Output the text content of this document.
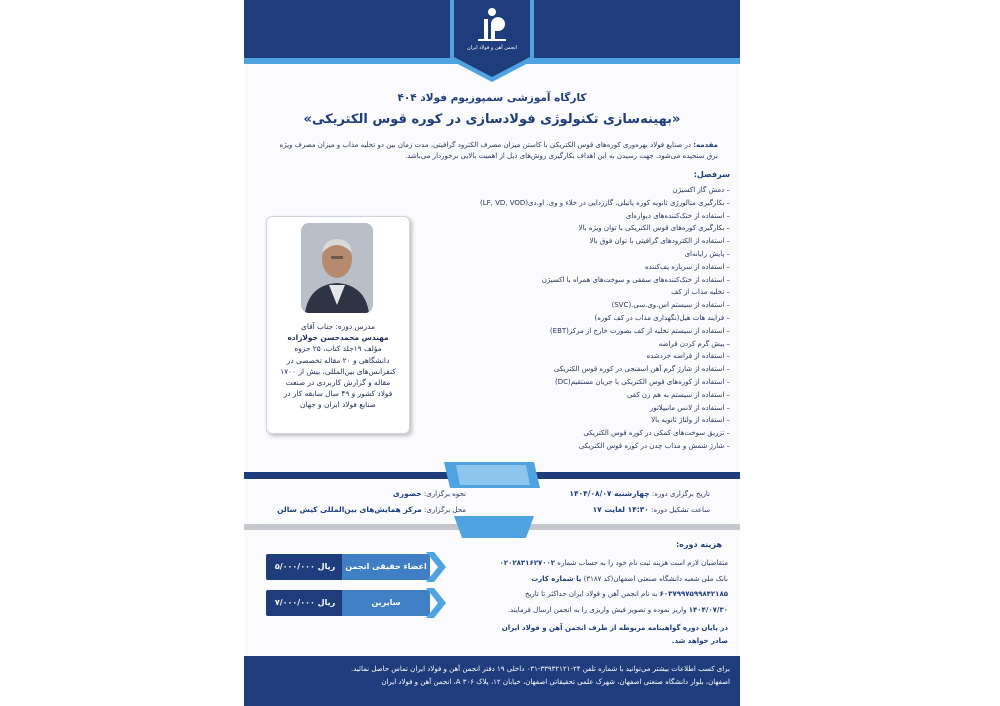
انجمن آهن و فولاد ایران
کارگاه آموزشی سمپوزیوم فولاد ۴۰۴
«بهینه‌سازی تکنولوژی فولادسازی در کوره قوس الکتریکی»
مقدمه: در صنایع فولاد بهره‌وری کوره‌های قوس الکتریکی با کاستن میزان مصرف الکترود گرافیتی، مدت زمان بین دو تخلیه مذاب و میزان مصرف ویژه برق سنجیده می‌شود. جهت رسیدن به این اهداف بکارگیری روش‌های ذیل از اهمیت بالایی برخوردار می‌باشد.
سرفصل:
– دمش گاز اکسیژن
– بکارگیری متالورژی ثانویه کوره پاتیلی، گاززدایی در خلاء و وی. او.دی(LF, VD, VOD)
– استفاده از خنک‌کننده‌های دیواره‌ای
– بکارگیری کوره‌های قوس الکتریکی با توان ویژه بالا
– استفاده از الکترودهای گرافیتی با توان فوق بالا
– پایش رایانه‌ای
– استفاده از سرباره پف‌کننده
– استفاده از خنک‌کننده‌های سقفی و سوخت‌های همراه با اکسیژن
– تخلیه مذاب از کف
– استفاده از سیستم اس.وی.سی.(SVC)
– فرایند هات هیل(نگهداری مذاب در کف کوره)
– استفاده از سیستم تخلیه از کف بصورت خارج از مرکز(EBT)
– پیش گرم کردن قراضه
– استفاده از قراضه خردشده
– استفاده از شارژ گرم آهن اسفنجی در کوره قوس الکتریکی
– استفاده از کوره‌های قوس الکتریکی با جریان مستقیم(DC)
– استفاده از سیستم به هم زن کفی
– استفاده از لانس مانیپلاتور
– استفاده از ولتاژ ثانویه بالا
– تزریق سوخت‌های کمکی در کوره قوس الکتریکی
– شارژ شمش و مذاب چدن در کوره قوس الکتریکی
مدرس دوره: جناب آقای
مهندس محمدحسن جولازاده
مؤلف ۱۹جلد کتاب، ۲۵ جزوه
دانشگاهی و ۲۰ مقاله تخصصی در
کنفرانس‌های بین‌المللی، بیش از ۱۷۰۰
مقاله و گزارش کاربردی در صنعت
فولاد کشور و ۴۹ سال سابقه کار در
صنایع فولاد ایران و جهان
تاریخ برگزاری دوره: چهارشنبه ۱۴۰۴/۰۸/۰۷
ساعت تشکیل دوره: ۱۴:۳۰ لغایت ۱۷
نحوه برگزاری: حضوری
محل برگزاری: مرکز همایش‌های بین‌المللی کیش سالن
هزینه دوره:
متقاضیان لازم است هزینه ثبت نام خود را به حساب شماره ۰۲۰۲۸۳۱۶۲۷۰۰۲ بانک ملی شعبه دانشگاه صنعتی اصفهان(کد ۳۱۸۷) یا شماره کارت ۶۰۳۷۹۹۷۵۹۹۸۴۲۱۸۵ به نام انجمن آهن و فولاد ایران حداکثر تا تاریخ ۱۴۰۴/۰۷/۳۰ واریز نموده و تصویر فیش واریزی را به انجمن ارسال فرمایند.
در پایان دوره گواهینامه مربوطه از طرف انجمن آهن و فولاد ایران صادر خواهد شد.
۵/۰۰۰/۰۰۰ ریال	اعضاء حقیقی انجمن
۷/۰۰۰/۰۰۰ ریال	سایرین
برای کسب اطلاعات بیشتر می‌توانید با شماره تلفن ۲۴-۳۳۹۳۲۱۲۱-۰۳۱ داخلی ۱۹ دفتر انجمن آهن و فولاد ایران تماس حاصل نمائید.
اصفهان، بلوار دانشگاه صنعتی اصفهان، شهرک علمی تحقیقاتی اصفهان، خیابان ۱۲، پلاک ۳۰۶ A، انجمن آهن و فولاد ایران
